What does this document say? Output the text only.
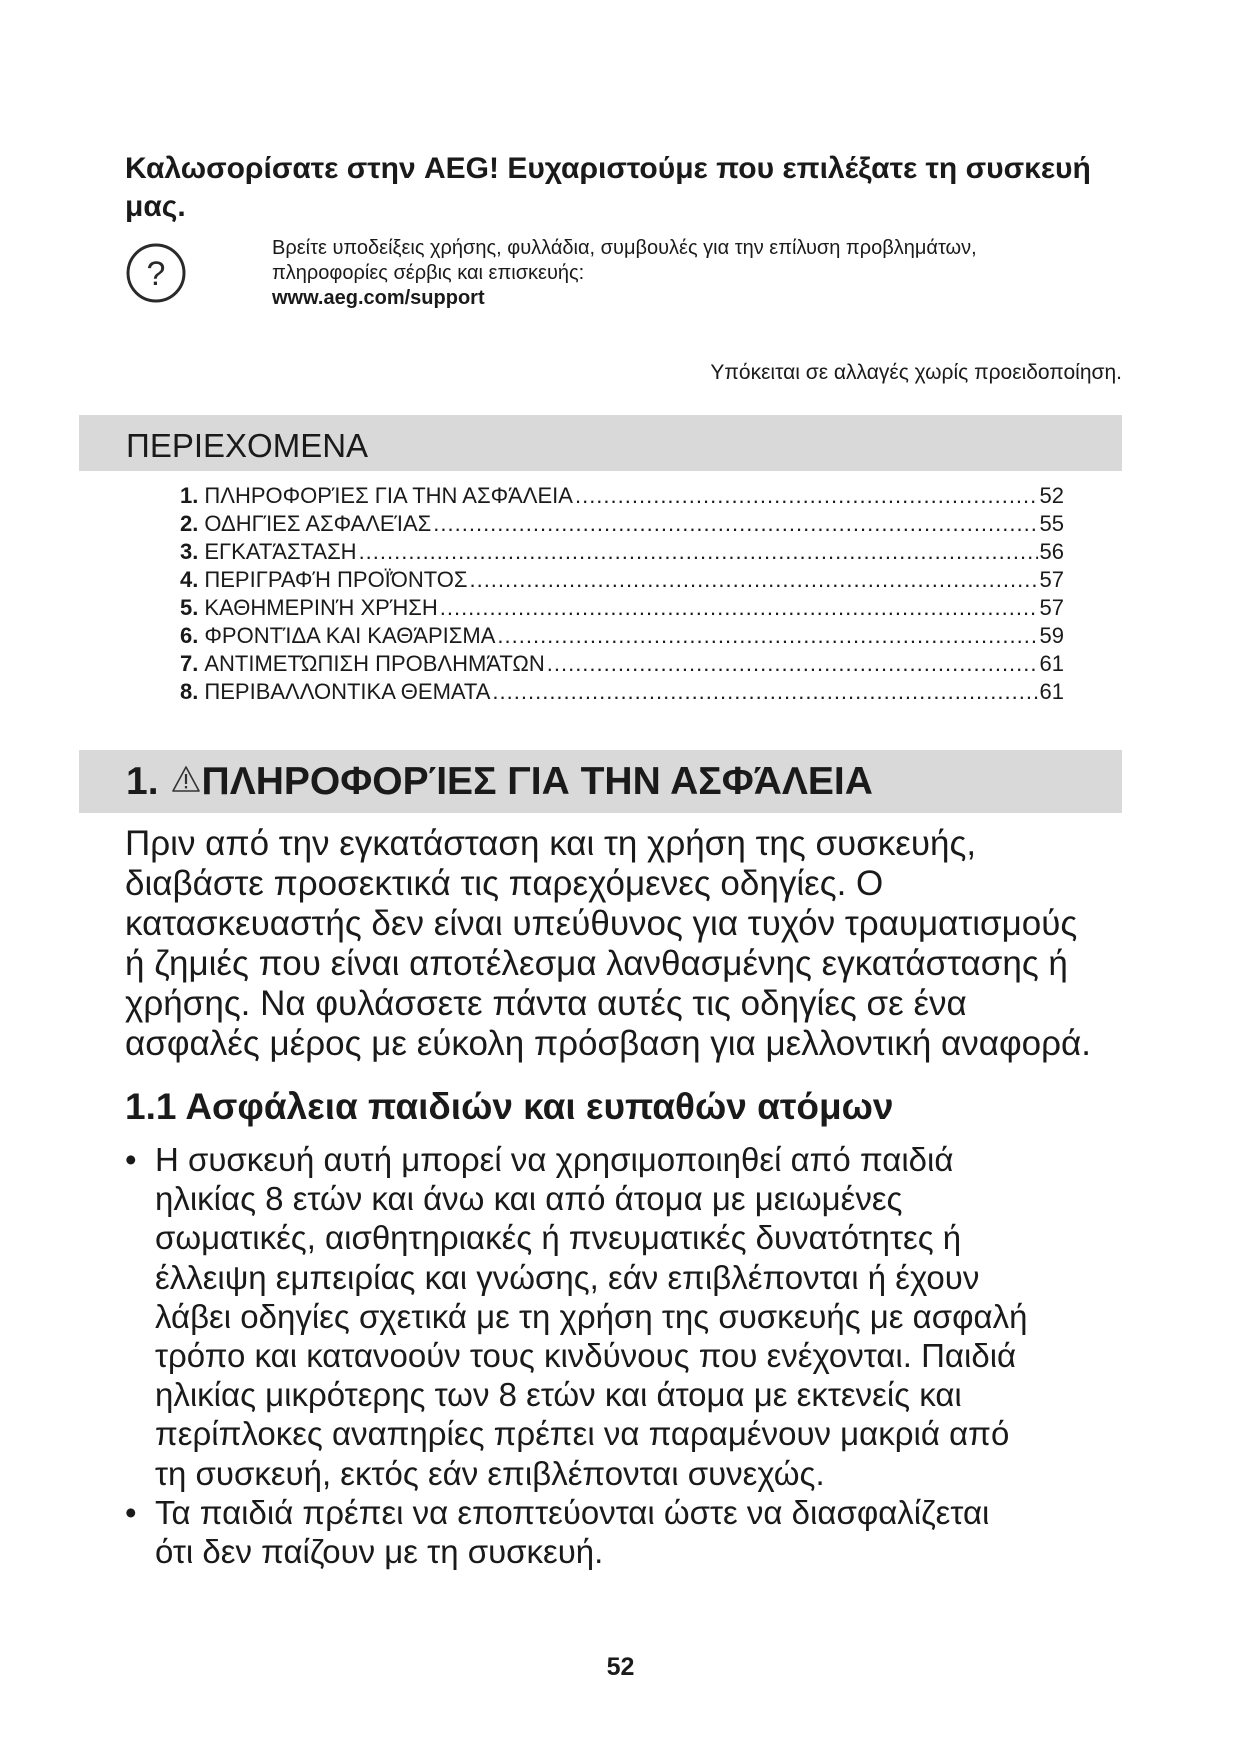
Καλωσορίσατε στην AEG! Ευχαριστούμε που επιλέξατε τη συσκευή μας.
?
Βρείτε υποδείξεις χρήσης, φυλλάδια, συμβουλές για την επίλυση προβλημάτων,
πληροφορίες σέρβις και επισκευής:
www.aeg.com/support
Υπόκειται σε αλλαγές χωρίς προειδοποίηση.
ΠΕΡΙΕΧΟΜΕΝΑ
1. ΠΛΗΡΟΦΟΡΊΕΣ ΓΙΑ ΤΗΝ ΑΣΦΆΛΕΙΑ .....	52
2. ΟΔΗΓΊΕΣ ΑΣΦΑΛΕΊΑΣ .....	55
3. ΕΓΚΑΤΆΣΤΑΣΗ .....	56
4. ΠΕΡΙΓΡΑΦΉ ΠΡΟΪΌΝΤΟΣ .....	57
5. ΚΑΘΗΜΕΡΙΝΉ ΧΡΉΣΗ .....	57
6. ΦΡΟΝΤΊΔΑ ΚΑΙ ΚΑΘΆΡΙΣΜΑ .....	59
7. ΑΝΤΙΜΕΤΏΠΙΣΗ ΠΡΟΒΛΗΜΆΤΩΝ .....	61
8. ΠΕΡΙΒΑΛΛΟΝΤΙΚΑ ΘΕΜΑΤΑ .....	61
1. ΠΛΗΡΟΦΟΡΊΕΣ ΓΙΑ ΤΗΝ ΑΣΦΆΛΕΙΑ
Πριν από την εγκατάσταση και τη χρήση της συσκευής,
διαβάστε προσεκτικά τις παρεχόμενες οδηγίες. Ο
κατασκευαστής δεν είναι υπεύθυνος για τυχόν τραυματισμούς
ή ζημιές που είναι αποτέλεσμα λανθασμένης εγκατάστασης ή
χρήσης. Να φυλάσσετε πάντα αυτές τις οδηγίες σε ένα
ασφαλές μέρος με εύκολη πρόσβαση για μελλοντική αναφορά.
1.1 Ασφάλεια παιδιών και ευπαθών ατόμων
• Η συσκευή αυτή μπορεί να χρησιμοποιηθεί από παιδιά
ηλικίας 8 ετών και άνω και από άτομα με μειωμένες
σωματικές, αισθητηριακές ή πνευματικές δυνατότητες ή
έλλειψη εμπειρίας και γνώσης, εάν επιβλέπονται ή έχουν
λάβει οδηγίες σχετικά με τη χρήση της συσκευής με ασφαλή
τρόπο και κατανοούν τους κινδύνους που ενέχονται. Παιδιά
ηλικίας μικρότερης των 8 ετών και άτομα με εκτενείς και
περίπλοκες αναπηρίες πρέπει να παραμένουν μακριά από
τη συσκευή, εκτός εάν επιβλέπονται συνεχώς.
• Τα παιδιά πρέπει να εποπτεύονται ώστε να διασφαλίζεται
ότι δεν παίζουν με τη συσκευή.
52
